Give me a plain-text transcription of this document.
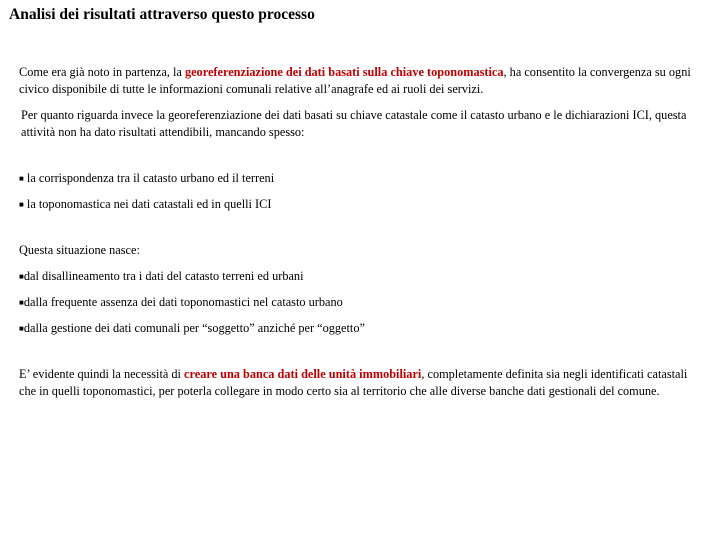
Analisi dei risultati attraverso questo processo

Come era già noto in partenza, la georeferenziazione dei dati basati sulla chiave toponomastica, ha consentito la convergenza su ogni civico disponibile di tutte le informazioni comunali relative all’anagrafe ed ai ruoli dei servizi.

Per quanto riguarda invece la georeferenziazione dei dati basati su chiave catastale come il catasto urbano e le dichiarazioni ICI, questa attività non ha dato risultati attendibili, mancando spesso:

■ la corrispondenza tra il catasto urbano ed il terreni

■ la toponomastica nei dati catastali ed in quelli ICI

Questa situazione nasce:

■dal disallineamento tra i dati del catasto terreni ed urbani

■dalla frequente assenza dei dati toponomastici nel catasto urbano

■dalla gestione dei dati comunali per “soggetto” anziché per “oggetto”

E’ evidente quindi la necessità di creare una banca dati delle unità immobiliari, completamente definita sia negli identificati catastali che in quelli toponomastici, per poterla collegare in modo certo sia al territorio che alle diverse banche dati gestionali del comune.
